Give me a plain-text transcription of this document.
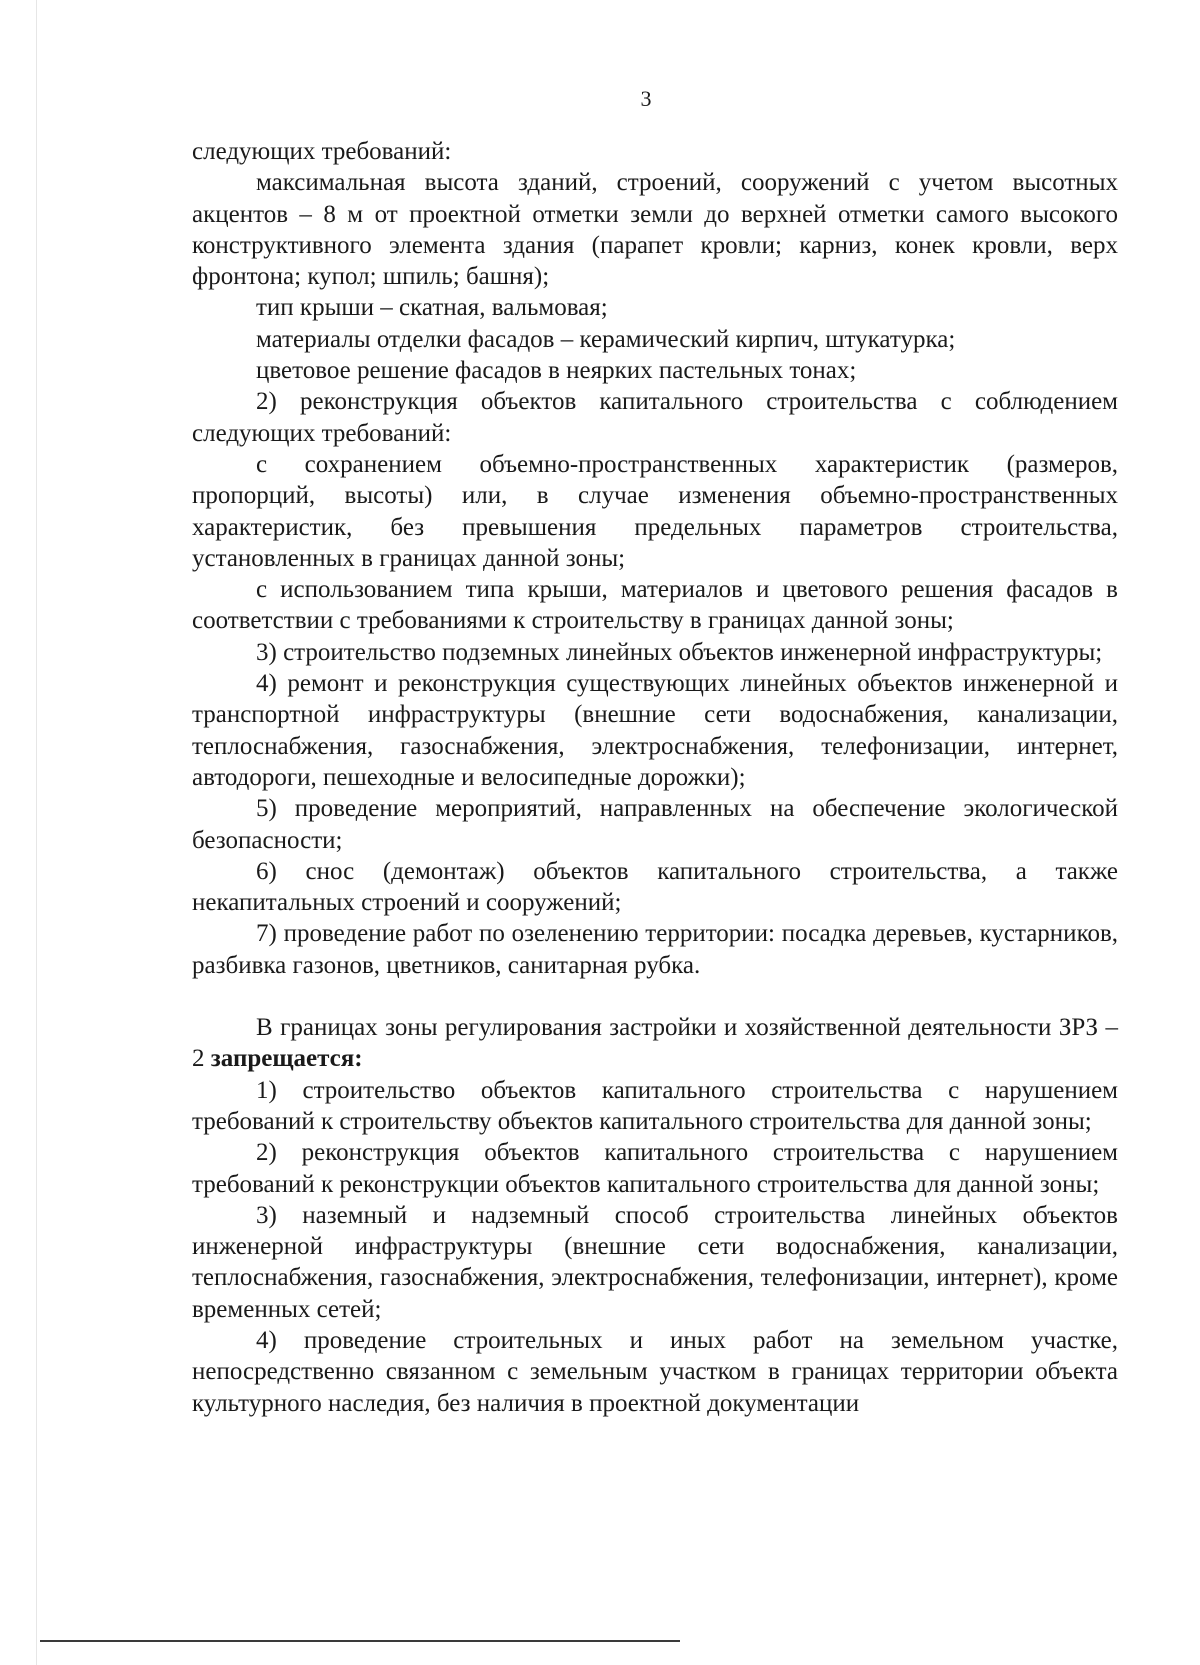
3

следующих требований:

максимальная высота зданий, строений, сооружений с учетом высотных акцентов – 8 м от проектной отметки земли до верхней отметки самого высокого конструктивного элемента здания (парапет кровли; карниз, конек кровли, верх фронтона; купол; шпиль; башня);

тип крыши – скатная, вальмовая;

материалы отделки фасадов – керамический кирпич, штукатурка;

цветовое решение фасадов в неярких пастельных тонах;

2) реконструкция объектов капитального строительства с соблюдением следующих требований:

с сохранением объемно-пространственных характеристик (размеров, пропорций, высоты) или, в случае изменения объемно-пространственных характеристик, без превышения предельных параметров строительства, установленных в границах данной зоны;

с использованием типа крыши, материалов и цветового решения фасадов в соответствии с требованиями к строительству в границах данной зоны;

3) строительство подземных линейных объектов инженерной инфраструктуры;

4) ремонт и реконструкция существующих линейных объектов инженерной и транспортной инфраструктуры (внешние сети водоснабжения, канализации, теплоснабжения, газоснабжения, электроснабжения, телефонизации, интернет, автодороги, пешеходные и велосипедные дорожки);

5) проведение мероприятий, направленных на обеспечение экологической безопасности;

6) снос (демонтаж) объектов капитального строительства, а также некапитальных строений и сооружений;

7) проведение работ по озеленению территории: посадка деревьев, кустарников, разбивка газонов, цветников, санитарная рубка.

В границах зоны регулирования застройки и хозяйственной деятельности ЗРЗ – 2 запрещается:

1) строительство объектов капитального строительства с нарушением требований к строительству объектов капитального строительства для данной зоны;

2) реконструкция объектов капитального строительства с нарушением требований к реконструкции объектов капитального строительства для данной зоны;

3) наземный и надземный способ строительства линейных объектов инженерной инфраструктуры (внешние сети водоснабжения, канализации, теплоснабжения, газоснабжения, электроснабжения, телефонизации, интернет), кроме временных сетей;

4) проведение строительных и иных работ на земельном участке, непосредственно связанном с земельным участком в границах территории объекта культурного наследия, без наличия в проектной документации
